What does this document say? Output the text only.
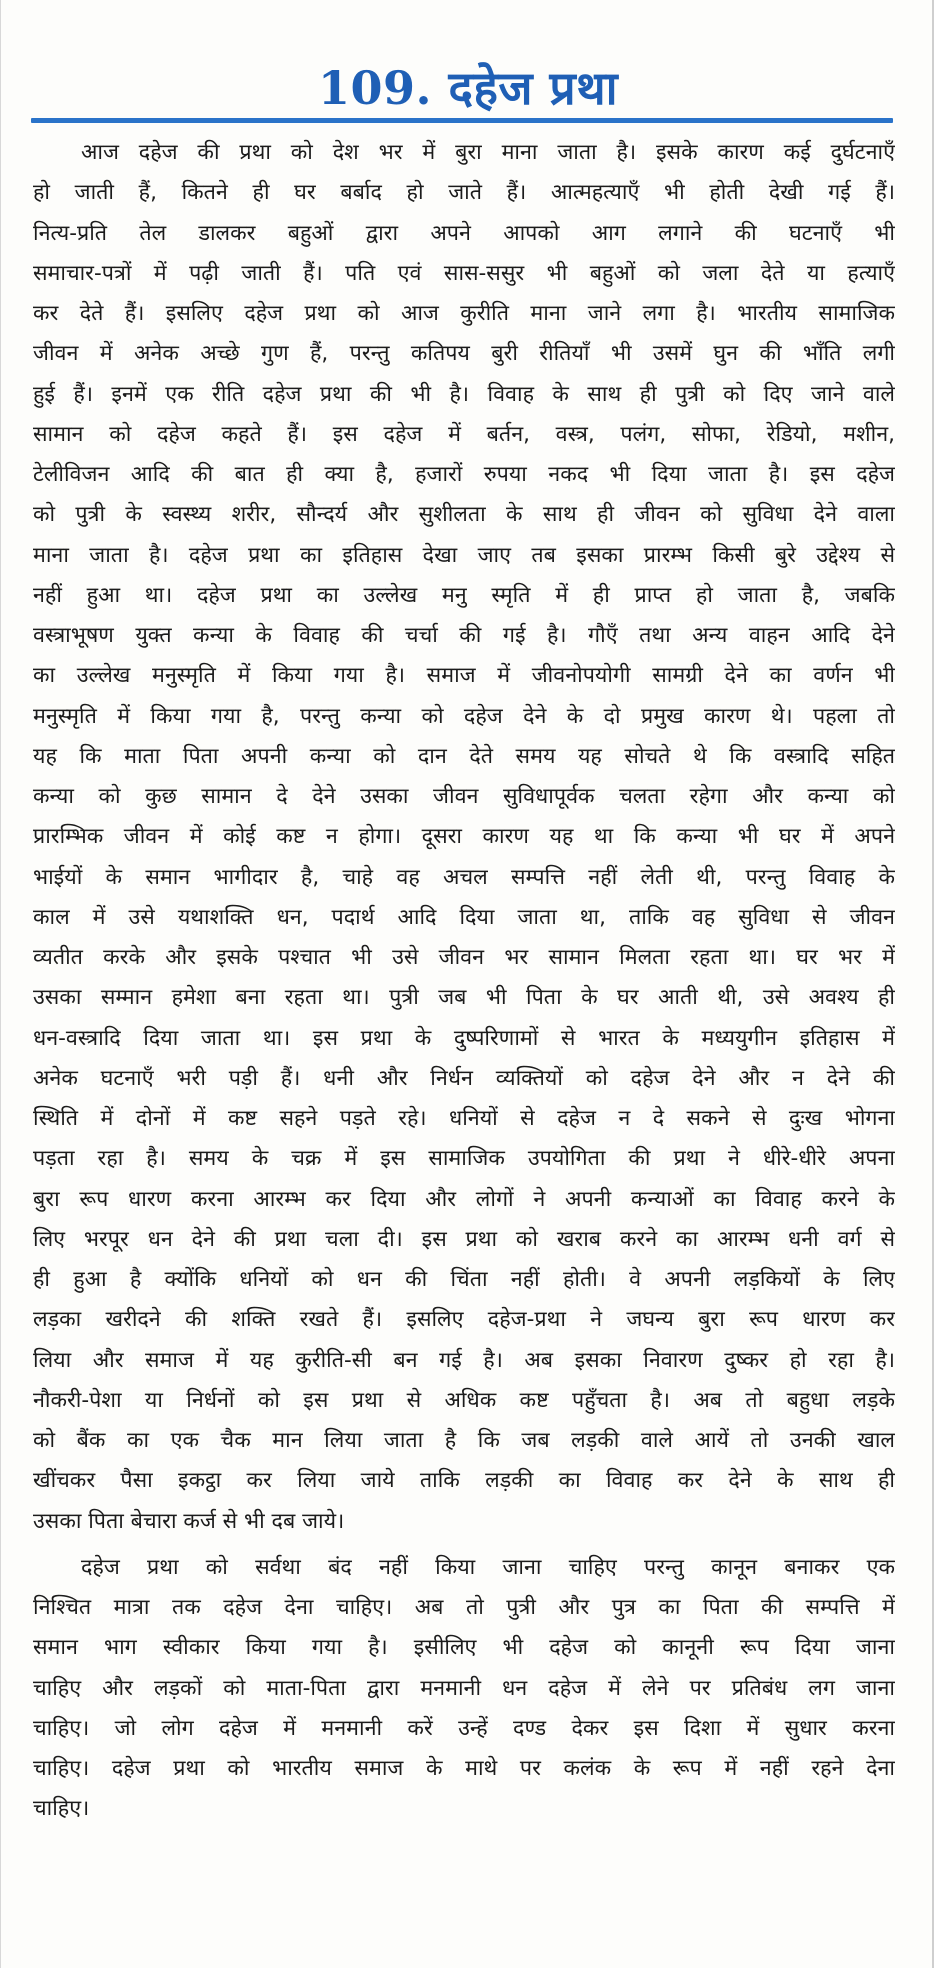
109. दहेज प्रथा

आज दहेज की प्रथा को देश भर में बुरा माना जाता है। इसके कारण कई दुर्घटनाएँ

हो जाती हैं, कितने ही घर बर्बाद हो जाते हैं। आत्महत्याएँ भी होती देखी गई हैं।

नित्य-प्रति तेल डालकर बहुओं द्वारा अपने आपको आग लगाने की घटनाएँ भी

समाचार-पत्रों में पढ़ी जाती हैं। पति एवं सास-ससुर भी बहुओं को जला देते या हत्याएँ

कर देते हैं। इसलिए दहेज प्रथा को आज कुरीति माना जाने लगा है। भारतीय सामाजिक

जीवन में अनेक अच्छे गुण हैं, परन्तु कतिपय बुरी रीतियाँ भी उसमें घुन की भाँति लगी

हुई हैं। इनमें एक रीति दहेज प्रथा की भी है। विवाह के साथ ही पुत्री को दिए जाने वाले

सामान को दहेज कहते हैं। इस दहेज में बर्तन, वस्त्र, पलंग, सोफा, रेडियो, मशीन,

टेलीविजन आदि की बात ही क्या है, हजारों रुपया नकद भी दिया जाता है। इस दहेज

को पुत्री के स्वस्थ्य शरीर, सौन्दर्य और सुशीलता के साथ ही जीवन को सुविधा देने वाला

माना जाता है। दहेज प्रथा का इतिहास देखा जाए तब इसका प्रारम्भ किसी बुरे उद्देश्य से

नहीं हुआ था। दहेज प्रथा का उल्लेख मनु स्मृति में ही प्राप्त हो जाता है, जबकि

वस्त्राभूषण युक्त कन्या के विवाह की चर्चा की गई है। गौएँ तथा अन्य वाहन आदि देने

का उल्लेख मनुस्मृति में किया गया है। समाज में जीवनोपयोगी सामग्री देने का वर्णन भी

मनुस्मृति में किया गया है, परन्तु कन्या को दहेज देने के दो प्रमुख कारण थे। पहला तो

यह कि माता पिता अपनी कन्या को दान देते समय यह सोचते थे कि वस्त्रादि सहित

कन्या को कुछ सामान दे देने उसका जीवन सुविधापूर्वक चलता रहेगा और कन्या को

प्रारम्भिक जीवन में कोई कष्ट न होगा। दूसरा कारण यह था कि कन्या भी घर में अपने

भाईयों के समान भागीदार है, चाहे वह अचल सम्पत्ति नहीं लेती थी, परन्तु विवाह के

काल में उसे यथाशक्ति धन, पदार्थ आदि दिया जाता था, ताकि वह सुविधा से जीवन

व्यतीत करके और इसके पश्चात भी उसे जीवन भर सामान मिलता रहता था। घर भर में

उसका सम्मान हमेशा बना रहता था। पुत्री जब भी पिता के घर आती थी, उसे अवश्य ही

धन-वस्त्रादि दिया जाता था। इस प्रथा के दुष्परिणामों से भारत के मध्ययुगीन इतिहास में

अनेक घटनाएँ भरी पड़ी हैं। धनी और निर्धन व्यक्तियों को दहेज देने और न देने की

स्थिति में दोनों में कष्ट सहने पड़ते रहे। धनियों से दहेज न दे सकने से दुःख भोगना

पड़ता रहा है। समय के चक्र में इस सामाजिक उपयोगिता की प्रथा ने धीरे-धीरे अपना

बुरा रूप धारण करना आरम्भ कर दिया और लोगों ने अपनी कन्याओं का विवाह करने के

लिए भरपूर धन देने की प्रथा चला दी। इस प्रथा को खराब करने का आरम्भ धनी वर्ग से

ही हुआ है क्योंकि धनियों को धन की चिंता नहीं होती। वे अपनी लड़कियों के लिए

लड़का खरीदने की शक्ति रखते हैं। इसलिए दहेज-प्रथा ने जघन्य बुरा रूप धारण कर

लिया और समाज में यह कुरीति-सी बन गई है। अब इसका निवारण दुष्कर हो रहा है।

नौकरी-पेशा या निर्धनों को इस प्रथा से अधिक कष्ट पहुँचता है। अब तो बहुधा लड़के

को बैंक का एक चैक मान लिया जाता है कि जब लड़की वाले आयें तो उनकी खाल

खींचकर पैसा इकट्ठा कर लिया जाये ताकि लड़की का विवाह कर देने के साथ ही

उसका पिता बेचारा कर्ज से भी दब जाये।

दहेज प्रथा को सर्वथा बंद नहीं किया जाना चाहिए परन्तु कानून बनाकर एक

निश्चित मात्रा तक दहेज देना चाहिए। अब तो पुत्री और पुत्र का पिता की सम्पत्ति में

समान भाग स्वीकार किया गया है। इसीलिए भी दहेज को कानूनी रूप दिया जाना

चाहिए और लड़कों को माता-पिता द्वारा मनमानी धन दहेज में लेने पर प्रतिबंध लग जाना

चाहिए। जो लोग दहेज में मनमानी करें उन्हें दण्ड देकर इस दिशा में सुधार करना

चाहिए। दहेज प्रथा को भारतीय समाज के माथे पर कलंक के रूप में नहीं रहने देना

चाहिए।
